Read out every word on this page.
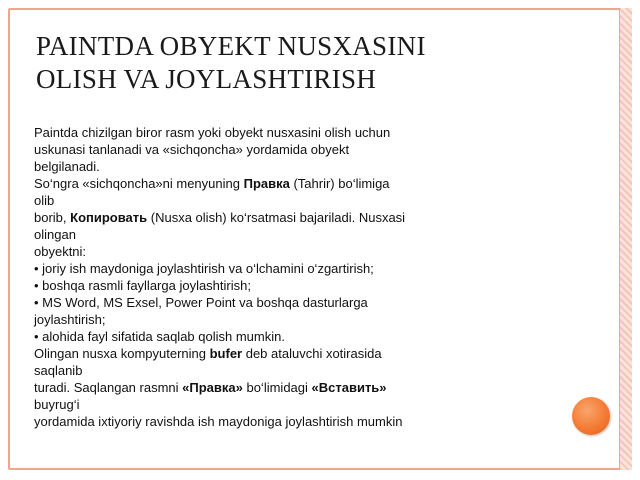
PAINTDA OBYEKT NUSXASINI
OLISH VA JOYLASHTIRISH
Paintda chizilgan biror rasm yoki obyekt nusxasini olish uchun
uskunasi tanlanadi va «sichqoncha» yordamida obyekt
belgilanadi.
So‘ngra «sichqoncha»ni menyuning Правка (Tahrir) bo‘limiga
olib
borib, Копировать (Nusxa olish) ko‘rsatmasi bajariladi. Nusxasi
olingan
obyektni:
• joriy ish maydoniga joylashtirish va o‘lchamini o‘zgartirish;
• boshqa rasmli fayllarga joylashtirish;
• MS Word, MS Exsel, Power Point va boshqa dasturlarga
joylashtirish;
• alohida fayl sifatida saqlab qolish mumkin.
Olingan nusxa kompyuterning bufer deb ataluvchi xotirasida
saqlanib
turadi. Saqlangan rasmni «Правка» bo‘limidagi «Вставить»
buyrug‘i
yordamida ixtiyoriy ravishda ish maydoniga joylashtirish mumkin
